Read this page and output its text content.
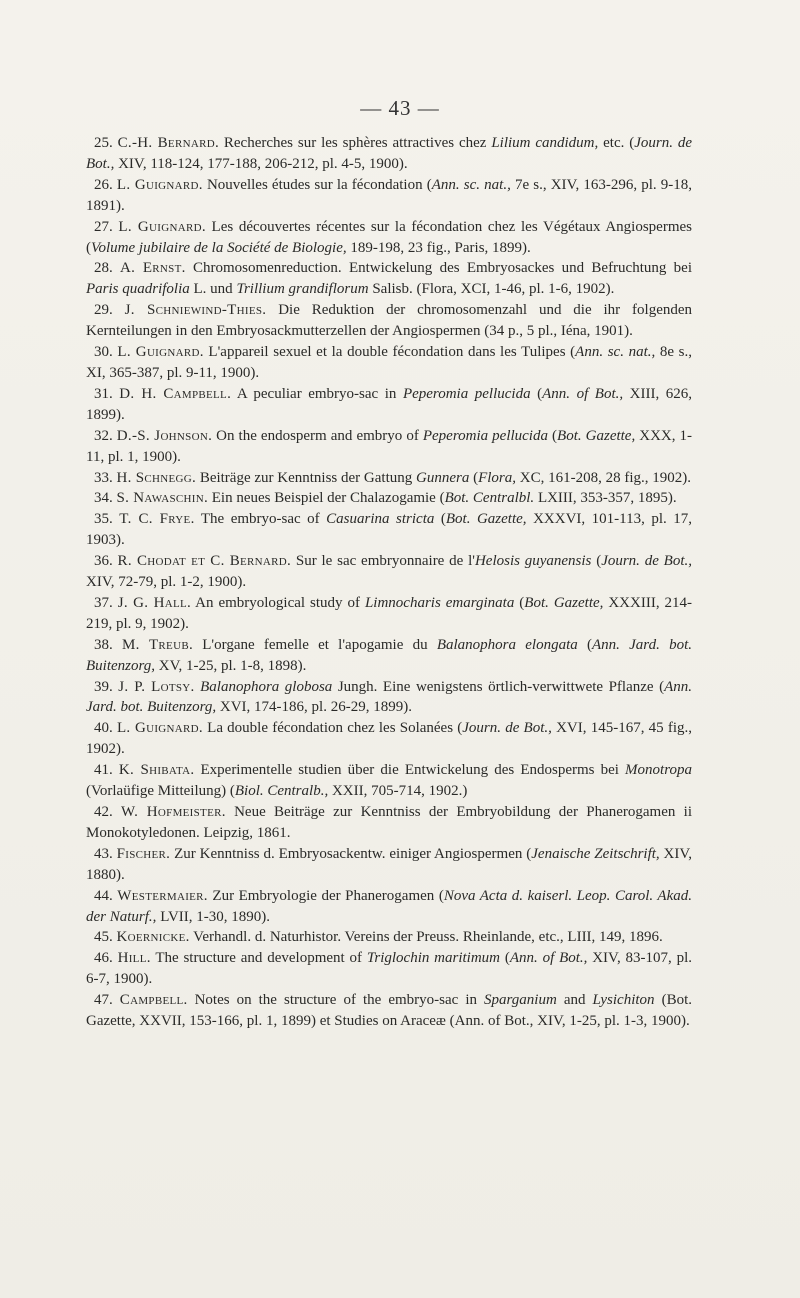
— 43 —

25. C.-H. Bernard. Recherches sur les sphères attractives chez Lilium candidum, etc. (Journ. de Bot., XIV, 118-124, 177-188, 206-212, pl. 4-5, 1900).

26. L. Guignard. Nouvelles études sur la fécondation (Ann. sc. nat., 7e s., XIV, 163-296, pl. 9-18, 1891).

27. L. Guignard. Les découvertes récentes sur la fécondation chez les Végétaux Angiospermes (Volume jubilaire de la Société de Biologie, 189-198, 23 fig., Paris, 1899).

28. A. Ernst. Chromosomenreduction. Entwickelung des Embryosackes und Befruchtung bei Paris quadrifolia L. und Trillium grandiflorum Salisb. (Flora, XCI, 1-46, pl. 1-6, 1902).

29. J. Schniewind-Thies. Die Reduktion der chromosomenzahl und die ihr folgenden Kernteilungen in den Embryosackmutterzellen der Angiospermen (34 p., 5 pl., Iéna, 1901).

30. L. Guignard. L'appareil sexuel et la double fécondation dans les Tulipes (Ann. sc. nat., 8e s., XI, 365-387, pl. 9-11, 1900).

31. D. H. Campbell. A peculiar embryo-sac in Peperomia pellucida (Ann. of Bot., XIII, 626, 1899).

32. D.-S. Johnson. On the endosperm and embryo of Peperomia pellucida (Bot. Gazette, XXX, 1-11, pl. 1, 1900).

33. H. Schnegg. Beiträge zur Kenntniss der Gattung Gunnera (Flora, XC, 161-208, 28 fig., 1902).

34. S. Nawaschin. Ein neues Beispiel der Chalazogamie (Bot. Centralbl. LXIII, 353-357, 1895).

35. T. C. Frye. The embryo-sac of Casuarina stricta (Bot. Gazette, XXXVI, 101-113, pl. 17, 1903).

36. R. Chodat et C. Bernard. Sur le sac embryonnaire de l'Helosis guyanensis (Journ. de Bot., XIV, 72-79, pl. 1-2, 1900).

37. J. G. Hall. An embryological study of Limnocharis emarginata (Bot. Gazette, XXXIII, 214-219, pl. 9, 1902).

38. M. Treub. L'organe femelle et l'apogamie du Balanophora elongata (Ann. Jard. bot. Buitenzorg, XV, 1-25, pl. 1-8, 1898).

39. J. P. Lotsy. Balanophora globosa Jungh. Eine wenigstens örtlich-verwittwete Pflanze (Ann. Jard. bot. Buitenzorg, XVI, 174-186, pl. 26-29, 1899).

40. L. Guignard. La double fécondation chez les Solanées (Journ. de Bot., XVI, 145-167, 45 fig., 1902).

41. K. Shibata. Experimentelle studien über die Entwickelung des Endosperms bei Monotropa (Vorlaüfige Mitteilung) (Biol. Centralb., XXII, 705-714, 1902.)

42. W. Hofmeister. Neue Beiträge zur Kenntniss der Embryobildung der Phanerogamen ii Monokotyledonen. Leipzig, 1861.

43. Fischer. Zur Kenntniss d. Embryosackentw. einiger Angiospermen (Jenaische Zeitschrift, XIV, 1880).

44. Westermaier. Zur Embryologie der Phanerogamen (Nova Acta d. kaiserl. Leop. Carol. Akad. der Naturf., LVII, 1-30, 1890).

45. Koernicke. Verhandl. d. Naturhistor. Vereins der Preuss. Rheinlande, etc., LIII, 149, 1896.

46. Hill. The structure and development of Triglochin maritimum (Ann. of Bot., XIV, 83-107, pl. 6-7, 1900).

47. Campbell. Notes on the structure of the embryo-sac in Sparganium and Lysichiton (Bot. Gazette, XXVII, 153-166, pl. 1, 1899) et Studies on Araceæ (Ann. of Bot., XIV, 1-25, pl. 1-3, 1900).
